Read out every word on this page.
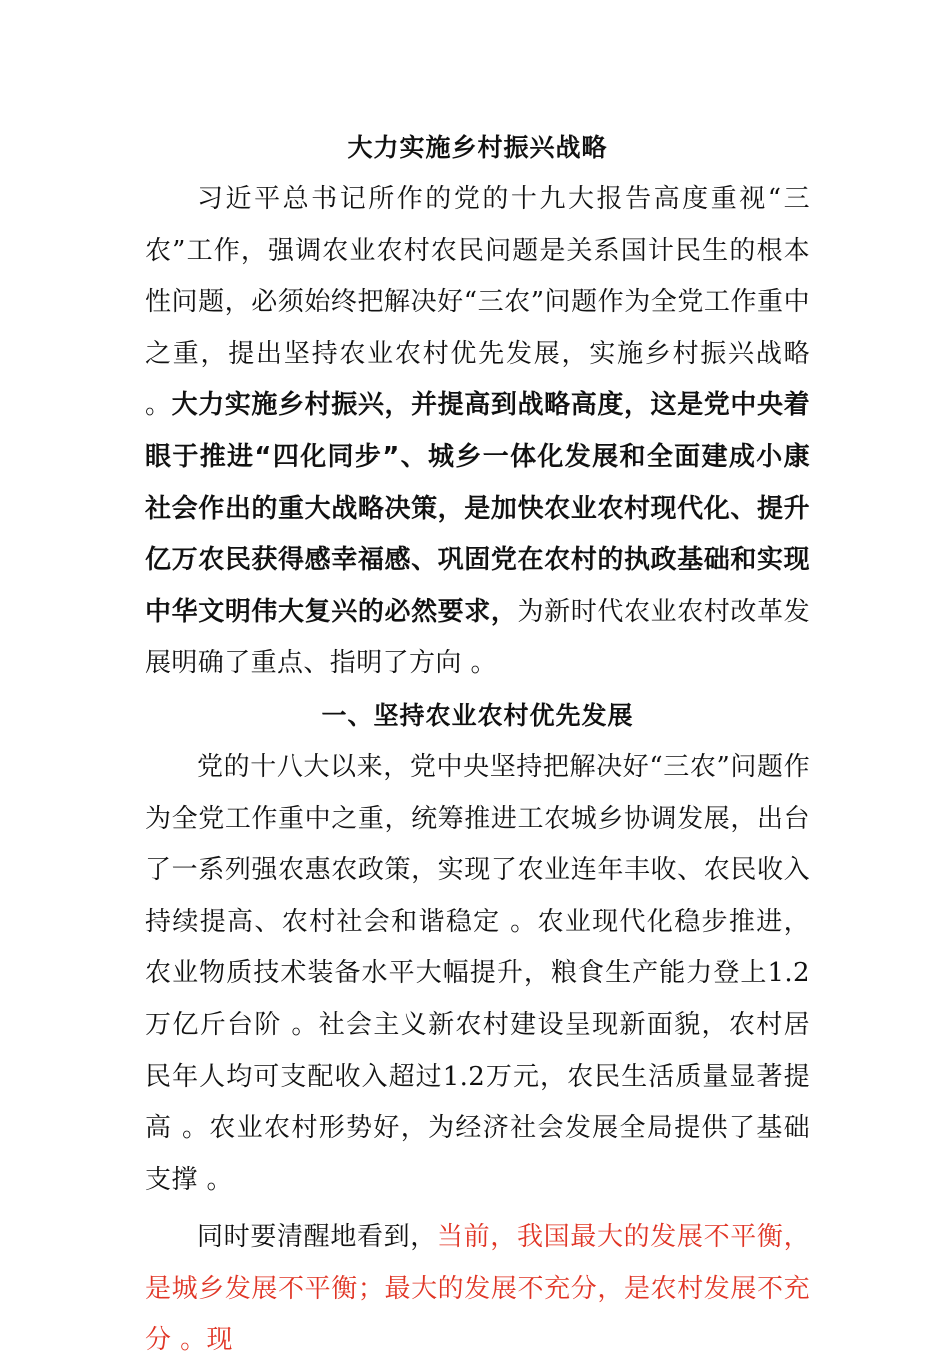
大力实施乡村振兴战略

习近平总书记所作的党的十九大报告高度重视“三农”工作，强调农业农村农民问题是关系国计民生的根本性问题，必须始终把解决好“三农”问题作为全党工作重中之重，提出坚持农业农村优先发展，实施乡村振兴战略 。大力实施乡村振兴，并提高到战略高度，这是党中央着眼于推进“四化同步”、城乡一体化发展和全面建成小康社会作出的重大战略决策，是加快农业农村现代化、提升亿万农民获得感幸福感、巩固党在农村的执政基础和实现中华文明伟大复兴的必然要求，为新时代农业农村改革发展明确了重点、指明了方向 。

一、坚持农业农村优先发展

党的十八大以来，党中央坚持把解决好“三农”问题作为全党工作重中之重，统筹推进工农城乡协调发展，出台了一系列强农惠农政策，实现了农业连年丰收、农民收入持续提高、农村社会和谐稳定 。农业现代化稳步推进，农业物质技术装备水平大幅提升，粮食生产能力登上1.2万亿斤台阶 。社会主义新农村建设呈现新面貌，农村居民年人均可支配收入超过1.2万元，农民生活质量显著提高 。农业农村形势好，为经济社会发展全局提供了基础支撑 。

同时要清醒地看到，当前，我国最大的发展不平衡，是城乡发展不平衡；最大的发展不充分，是农村发展不充分 。现
